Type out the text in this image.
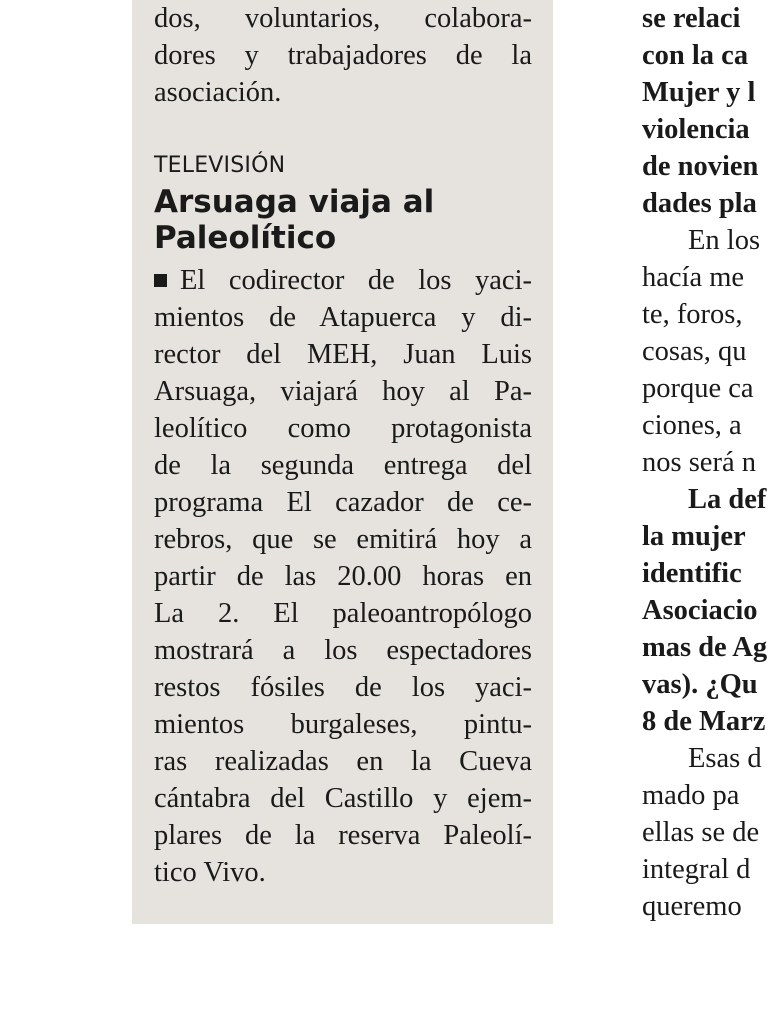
dos, voluntarios, colabora-
dores y trabajadores de la
asociación.
TELEVISIÓN
Arsuaga viaja al
Paleolítico
El codirector de los yaci-
mientos de Atapuerca y di-
rector del MEH, Juan Luis
Arsuaga, viajará hoy al Pa-
leolítico como protagonista
de la segunda entrega del
programa El cazador de ce-
rebros, que se emitirá hoy a
partir de las 20.00 horas en
La 2. El paleoantropólogo
mostrará a los espectadores
restos fósiles de los yaci-
mientos burgaleses, pintu-
ras realizadas en la Cueva
cántabra del Castillo y ejem-
plares de la reserva Paleolí-
tico Vivo.
se relaci
con la ca
Mujer y l
violencia
de novien
dades pla
En los
hacía me
te, foros,
cosas, qu
porque ca
ciones, a
nos será n
La def
la mujer
identific
Asociacio
mas de Ag
vas). ¿Qu
8 de Marz
Esas d
mado pa
ellas se de
integral d
queremo
